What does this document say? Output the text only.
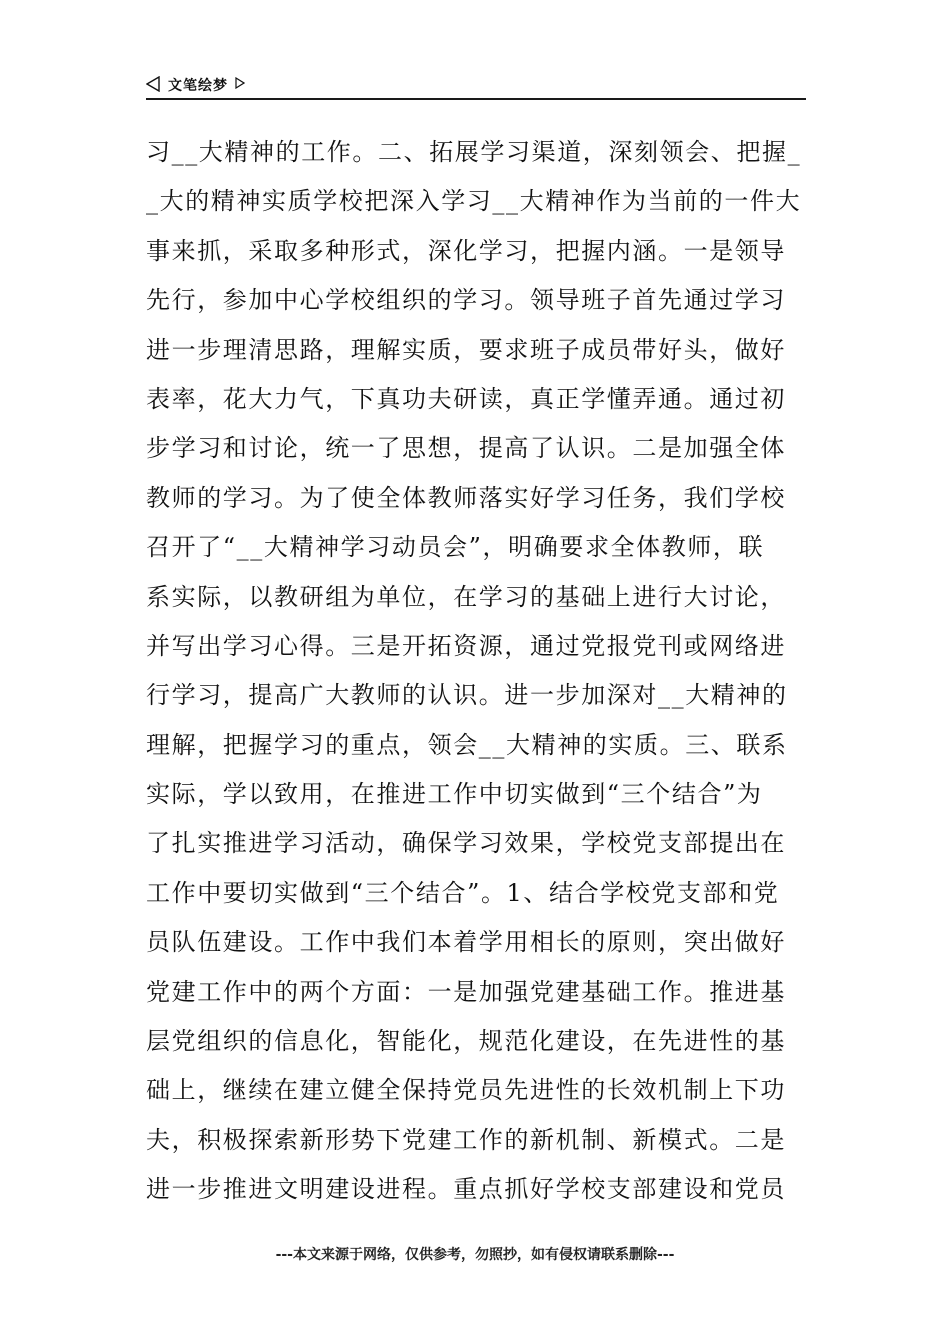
文笔绘梦
习__大精神的工作。二、拓展学习渠道，深刻领会、把握_
_大的精神实质学校把深入学习__大精神作为当前的一件大
事来抓，采取多种形式，深化学习，把握内涵。一是领导
先行，参加中心学校组织的学习。领导班子首先通过学习
进一步理清思路，理解实质，要求班子成员带好头，做好
表率，花大力气，下真功夫研读，真正学懂弄通。通过初
步学习和讨论，统一了思想，提高了认识。二是加强全体
教师的学习。为了使全体教师落实好学习任务，我们学校
召开了“__大精神学习动员会”，明确要求全体教师，联
系实际，以教研组为单位，在学习的基础上进行大讨论，
并写出学习心得。三是开拓资源，通过党报党刊或网络进
行学习，提高广大教师的认识。进一步加深对__大精神的
理解，把握学习的重点，领会__大精神的实质。三、联系
实际，学以致用，在推进工作中切实做到“三个结合”为
了扎实推进学习活动，确保学习效果，学校党支部提出在
工作中要切实做到“三个结合”。1、结合学校党支部和党
员队伍建设。工作中我们本着学用相长的原则，突出做好
党建工作中的两个方面：一是加强党建基础工作。推进基
层党组织的信息化，智能化，规范化建设，在先进性的基
础上，继续在建立健全保持党员先进性的长效机制上下功
夫，积极探索新形势下党建工作的新机制、新模式。二是
进一步推进文明建设进程。重点抓好学校支部建设和党员
---本文来源于网络，仅供参考，勿照抄，如有侵权请联系删除---
